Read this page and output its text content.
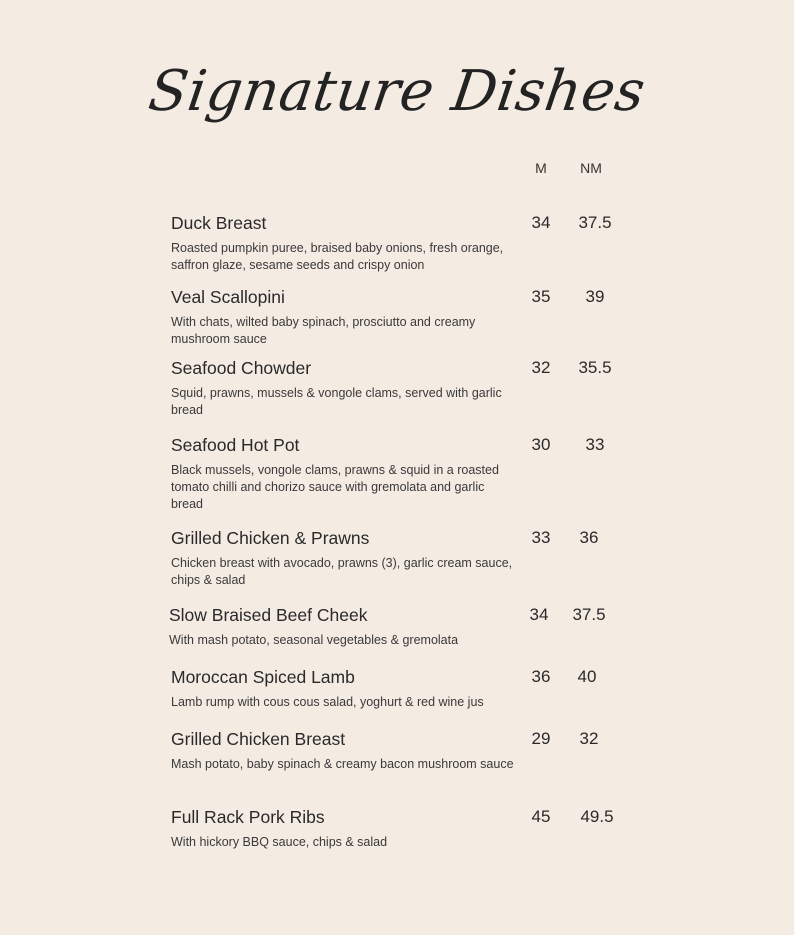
Signature Dishes
M	NM
Duck Breast
Roasted pumpkin puree, braised baby onions, fresh orange, saffron glaze, sesame seeds and crispy onion
34	37.5
Veal Scallopini
With chats, wilted baby spinach, prosciutto and creamy mushroom sauce
35	39
Seafood Chowder
Squid, prawns, mussels & vongole clams, served with garlic bread
32	35.5
Seafood Hot Pot
Black mussels, vongole clams, prawns & squid in a roasted tomato chilli and chorizo sauce with gremolata and garlic bread
30	33
Grilled Chicken & Prawns
Chicken breast with avocado, prawns (3), garlic cream sauce, chips & salad
33	36
Slow Braised Beef Cheek
With mash potato, seasonal vegetables & gremolata
34	37.5
Moroccan Spiced Lamb
Lamb rump with cous cous salad, yoghurt & red wine jus
36	40
Grilled Chicken Breast
Mash potato, baby spinach & creamy bacon mushroom sauce
29	32
Full Rack Pork Ribs
With hickory BBQ sauce, chips & salad
45	49.5
